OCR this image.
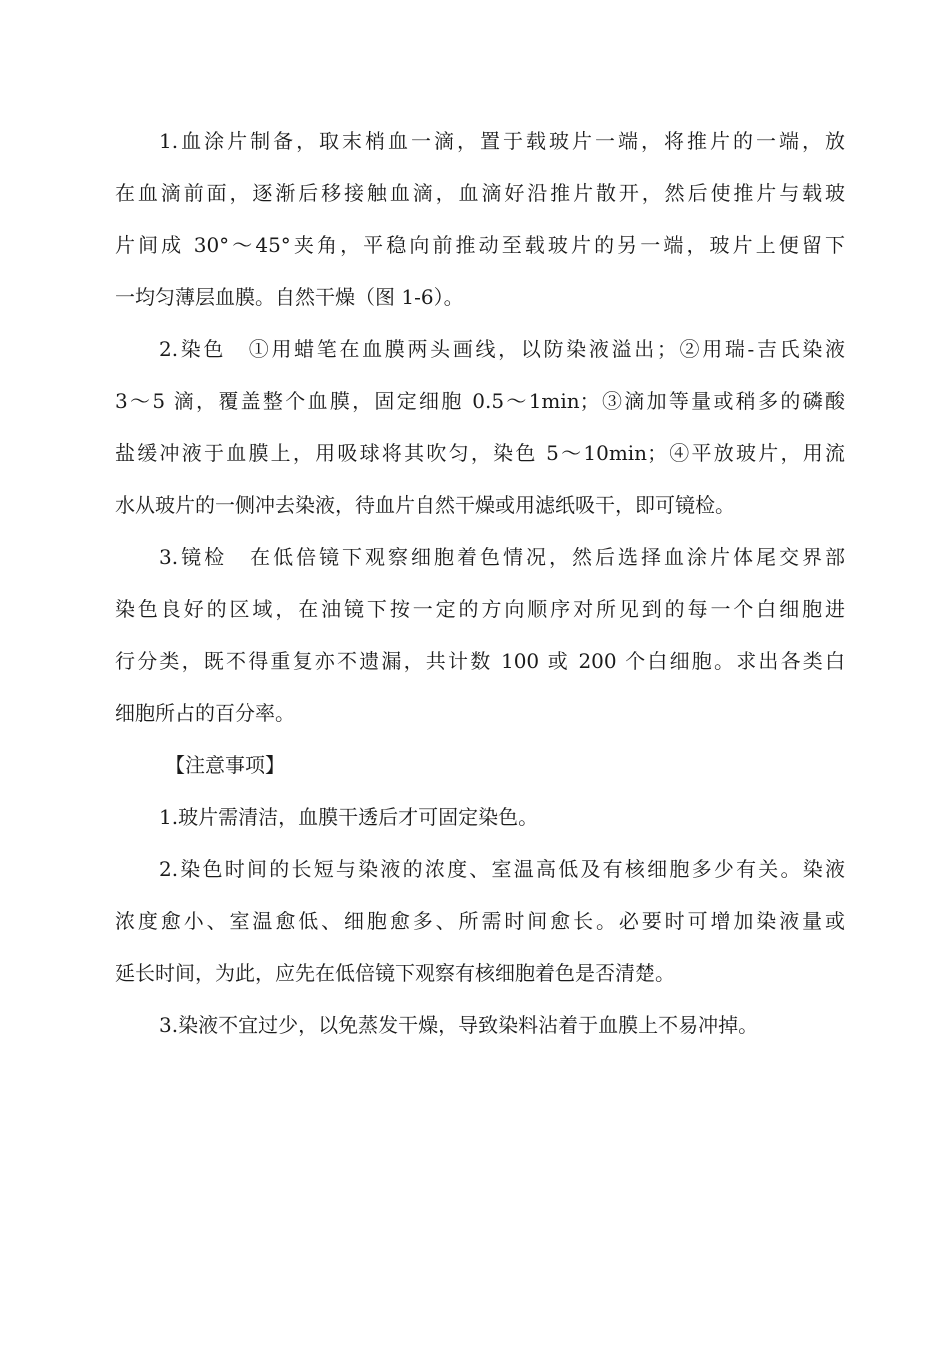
1.血涂片制备，取末梢血一滴，置于载玻片一端，将推片的一端，放
在血滴前面，逐渐后移接触血滴，血滴好沿推片散开，然后使推片与载玻
片间成 30°～45°夹角，平稳向前推动至载玻片的另一端，玻片上便留下
一均匀薄层血膜。自然干燥（图 1-6）。
2.染色　①用蜡笔在血膜两头画线，以防染液溢出；②用瑞-吉氏染液
3～5 滴，覆盖整个血膜，固定细胞 0.5～1min；③滴加等量或稍多的磷酸
盐缓冲液于血膜上，用吸球将其吹匀，染色 5～10min；④平放玻片，用流
水从玻片的一侧冲去染液，待血片自然干燥或用滤纸吸干，即可镜检。
3.镜检　在低倍镜下观察细胞着色情况，然后选择血涂片体尾交界部
染色良好的区域，在油镜下按一定的方向顺序对所见到的每一个白细胞进
行分类，既不得重复亦不遗漏，共计数 100 或 200 个白细胞。求出各类白
细胞所占的百分率。
【注意事项】
1.玻片需清洁，血膜干透后才可固定染色。
2.染色时间的长短与染液的浓度、室温高低及有核细胞多少有关。染液
浓度愈小、室温愈低、细胞愈多、所需时间愈长。必要时可增加染液量或
延长时间，为此，应先在低倍镜下观察有核细胞着色是否清楚。
3.染液不宜过少，以免蒸发干燥，导致染料沾着于血膜上不易冲掉。
